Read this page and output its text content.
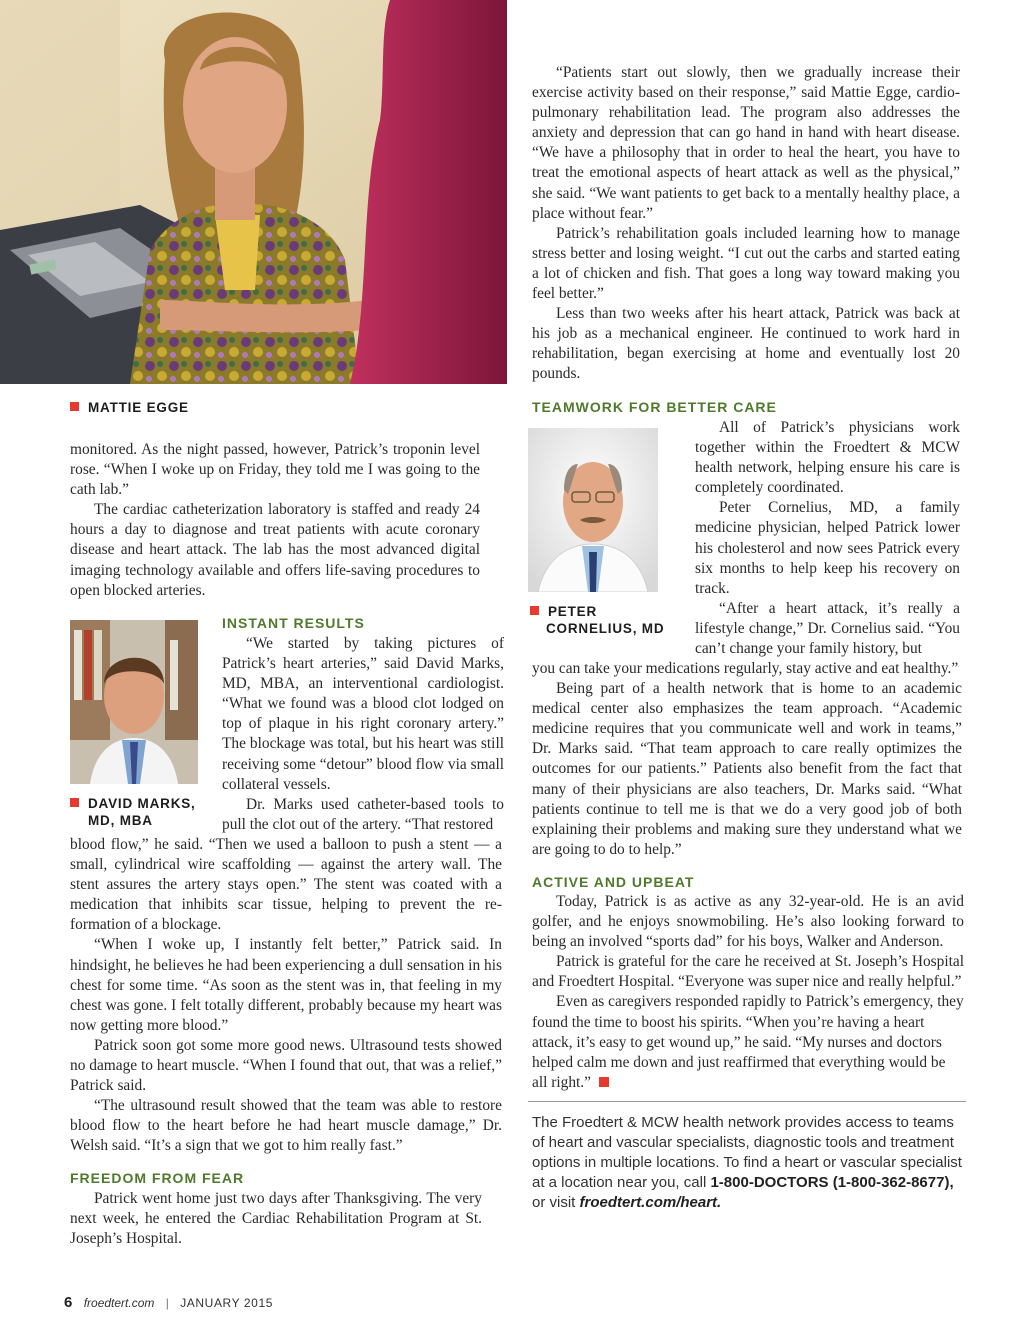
MATTIE EGGE

monitored. As the night passed, however, Patrick’s troponin level rose. “When I woke up on Friday, they told me I was going to the cath lab.”

The cardiac catheterization laboratory is staffed and ready 24 hours a day to diagnose and treat patients with acute coronary disease and heart attack. The lab has the most advanced digital imaging technology available and offers life-saving procedures to open blocked arteries.

DAVID MARKS,
MD, MBA
INSTANT RESULTS

“We started by taking pictures of Patrick’s heart arteries,” said David Marks, MD, MBA, an interventional cardiologist. “What we found was a blood clot lodged on top of plaque in his right coronary artery.” The blockage was total, but his heart was still receiving some “detour” blood flow via small collateral vessels.

Dr. Marks used catheter-based tools to pull the clot out of the artery. “That restored

blood flow,” he said. “Then we used a balloon to push a stent — a small, cylindrical wire scaffolding — against the artery wall. The stent assures the artery stays open.” The stent was coated with a medication that inhibits scar tissue, helping to prevent the re-formation of a blockage.

“When I woke up, I instantly felt better,” Patrick said. In hindsight, he believes he had been experiencing a dull sensation in his chest for some time. “As soon as the stent was in, that feeling in my chest was gone. I felt totally different, probably because my heart was now getting more blood.”

Patrick soon got some more good news. Ultrasound tests showed no damage to heart muscle. “When I found that out, that was a relief,” Patrick said.

“The ultrasound result showed that the team was able to restore blood flow to the heart before he had heart muscle damage,” Dr. Welsh said. “It’s a sign that we got to him really fast.”

FREEDOM FROM FEAR

Patrick went home just two days after Thanksgiving. The very next week, he entered the Cardiac Rehabilitation Program at St. Joseph’s Hospital.

“Patients start out slowly, then we gradually increase their exercise activity based on their response,” said Mattie Egge, cardio-pulmonary rehabilitation lead. The program also addresses the anxiety and depression that can go hand in hand with heart disease. “We have a philosophy that in order to heal the heart, you have to treat the emotional aspects of heart attack as well as the physical,” she said. “We want patients to get back to a mentally healthy place, a place without fear.”

Patrick’s rehabilitation goals included learning how to manage stress better and losing weight. “I cut out the carbs and started eating a lot of chicken and fish. That goes a long way toward making you feel better.”

Less than two weeks after his heart attack, Patrick was back at his job as a mechanical engineer. He continued to work hard in rehabilitation, began exercising at home and eventually lost 20 pounds.

TEAMWORK FOR BETTER CARE
PETER
CORNELIUS, MD

All of Patrick’s physicians work together within the Froedtert & MCW health network, helping ensure his care is completely coordinated.

Peter Cornelius, MD, a family medicine physician, helped Patrick lower his cholesterol and now sees Patrick every six months to help keep his recovery on track.

“After a heart attack, it’s really a lifestyle change,” Dr. Cornelius said. “You can’t change your family history, but

you can take your medications regularly, stay active and eat healthy.”

Being part of a health network that is home to an academic medical center also emphasizes the team approach. “Academic medicine requires that you communicate well and work in teams,” Dr. Marks said. “That team approach to care really optimizes the outcomes for our patients.” Patients also benefit from the fact that many of their physicians are also teachers, Dr. Marks said. “What patients continue to tell me is that we do a very good job of both explaining their problems and making sure they understand what we are going to do to help.”

ACTIVE AND UPBEAT

Today, Patrick is as active as any 32-year-old. He is an avid golfer, and he enjoys snowmobiling. He’s also looking forward to being an involved “sports dad” for his boys, Walker and Anderson.

Patrick is grateful for the care he received at St. Joseph’s Hospital and Froedtert Hospital. “Everyone was super nice and really helpful.”

Even as caregivers responded rapidly to Patrick’s emergency, they found the time to boost his spirits. “When you’re having a heart attack, it’s easy to get wound up,” he said. “My nurses and doctors helped calm me down and just reaffirmed that everything would be all right.”

The Froedtert & MCW health network provides access to teams of heart and vascular specialists, diagnostic tools and treatment options in multiple locations. To find a heart or vascular specialist at a location near you, call 1-800-DOCTORS (1-800-362-8677), or visit froedtert.com/heart.
6 froedtert.com | JANUARY 2015
